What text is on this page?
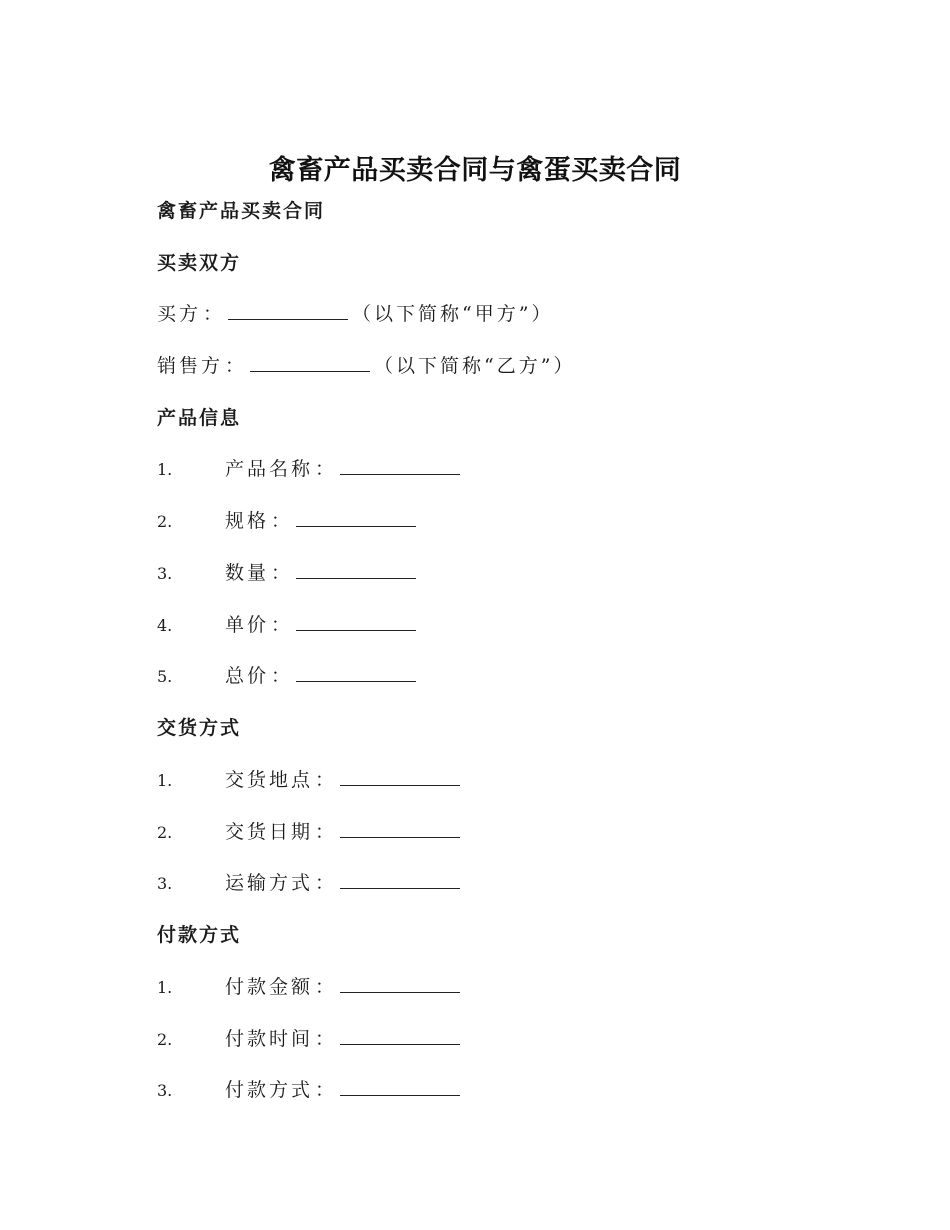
禽畜产品买卖合同与禽蛋买卖合同
禽畜产品买卖合同
买卖双方
买方 ：	（以下简称“甲方”）
销售方 ：	（以下简称“乙方”）
产品信息
1.	产品名称 ：
2.	规格 ：
3.	数量 ：
4.	单价 ：
5.	总价 ：
交货方式
1.	交货地点 ：
2.	交货日期 ：
3.	运输方式 ：
付款方式
1.	付款金额 ：
2.	付款时间 ：
3.	付款方式 ：
